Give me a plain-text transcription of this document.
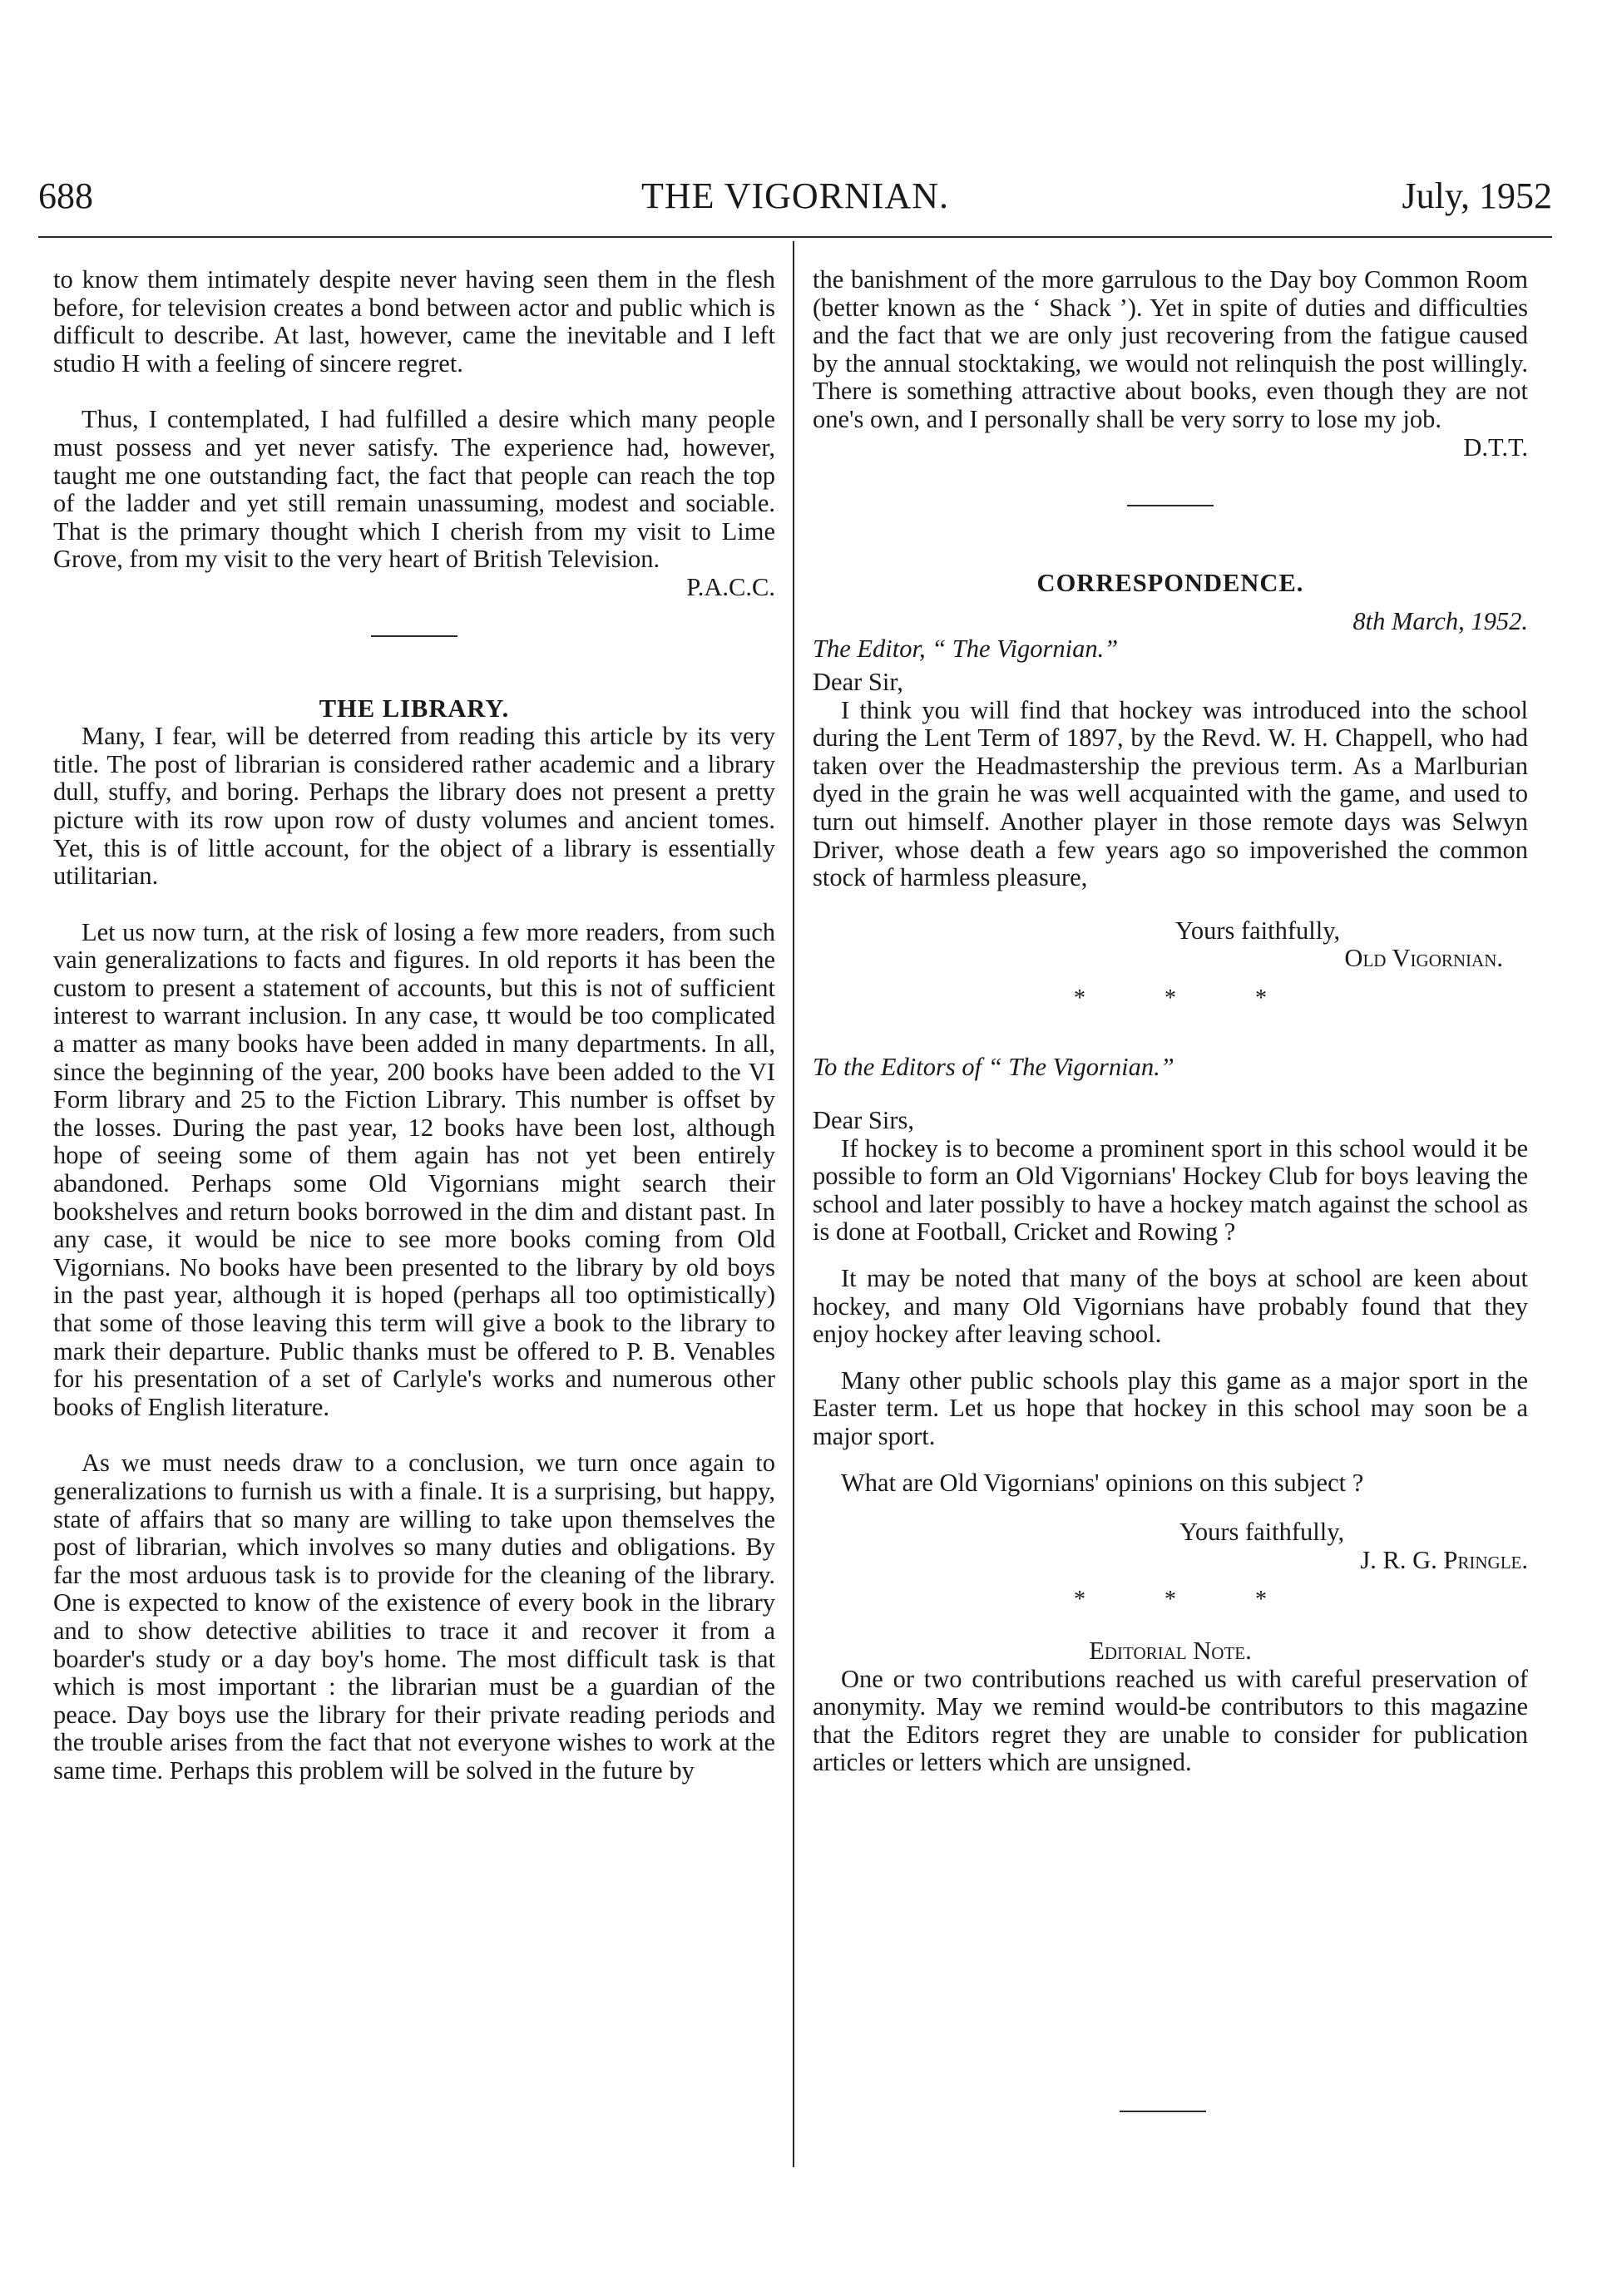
688	THE VIGORNIAN.	July, 1952

to know them intimately despite never having seen them in the flesh before, for television creates a bond between actor and public which is difficult to describe. At last, however, came the inevitable and I left studio H with a feeling of sincere regret.

Thus, I contemplated, I had fulfilled a desire which many people must possess and yet never satisfy. The experience had, however, taught me one outstanding fact, the fact that people can reach the top of the ladder and yet still remain unassuming, modest and sociable. That is the primary thought which I cherish from my visit to Lime Grove, from my visit to the very heart of British Television.

P.A.C.C.

THE LIBRARY.

Many, I fear, will be deterred from reading this article by its very title. The post of librarian is considered rather academic and a library dull, stuffy, and boring. Perhaps the library does not present a pretty picture with its row upon row of dusty volumes and ancient tomes. Yet, this is of little account, for the object of a library is essentially utilitarian.

Let us now turn, at the risk of losing a few more readers, from such vain generalizations to facts and figures. In old reports it has been the custom to present a statement of accounts, but this is not of sufficient interest to warrant inclusion. In any case, tt would be too complicated a matter as many books have been added in many departments. In all, since the beginning of the year, 200 books have been added to the VI Form library and 25 to the Fiction Library. This number is offset by the losses. During the past year, 12 books have been lost, although hope of seeing some of them again has not yet been entirely abandoned. Perhaps some Old Vigornians might search their bookshelves and return books borrowed in the dim and distant past. In any case, it would be nice to see more books coming from Old Vigornians. No books have been presented to the library by old boys in the past year, although it is hoped (perhaps all too optimistically) that some of those leaving this term will give a book to the library to mark their departure. Public thanks must be offered to P. B. Venables for his presentation of a set of Carlyle's works and numerous other books of English literature.

As we must needs draw to a conclusion, we turn once again to generalizations to furnish us with a finale. It is a surprising, but happy, state of affairs that so many are willing to take upon themselves the post of librarian, which involves so many duties and obligations. By far the most arduous task is to provide for the cleaning of the library. One is expected to know of the existence of every book in the library and to show detective abilities to trace it and recover it from a boarder's study or a day boy's home. The most difficult task is that which is most important : the librarian must be a guardian of the peace. Day boys use the library for their private reading periods and the trouble arises from the fact that not everyone wishes to work at the same time. Perhaps this problem will be solved in the future by

the banishment of the more garrulous to the Day boy Common Room (better known as the ‘ Shack ’). Yet in spite of duties and difficulties and the fact that we are only just recovering from the fatigue caused by the annual stocktaking, we would not relinquish the post willingly. There is something attractive about books, even though they are not one's own, and I personally shall be very sorry to lose my job.

D.T.T.

CORRESPONDENCE.

8th March, 1952.

The Editor, “ The Vigornian.”

Dear Sir,

I think you will find that hockey was introduced into the school during the Lent Term of 1897, by the Revd. W. H. Chappell, who had taken over the Headmastership the previous term. As a Marlburian dyed in the grain he was well acquainted with the game, and used to turn out himself. Another player in those remote days was Selwyn Driver, whose death a few years ago so impoverished the common stock of harmless pleasure,

Yours faithfully,

Old Vigornian.

* * *

To the Editors of “ The Vigornian.”

Dear Sirs,

If hockey is to become a prominent sport in this school would it be possible to form an Old Vigornians' Hockey Club for boys leaving the school and later possibly to have a hockey match against the school as is done at Football, Cricket and Rowing ?

It may be noted that many of the boys at school are keen about hockey, and many Old Vigornians have probably found that they enjoy hockey after leaving school.

Many other public schools play this game as a major sport in the Easter term. Let us hope that hockey in this school may soon be a major sport.

What are Old Vigornians' opinions on this subject ?

Yours faithfully,

J. R. G. Pringle.

* * *

Editorial Note.

One or two contributions reached us with careful preservation of anonymity. May we remind would-be contributors to this magazine that the Editors regret they are unable to consider for publication articles or letters which are unsigned.
